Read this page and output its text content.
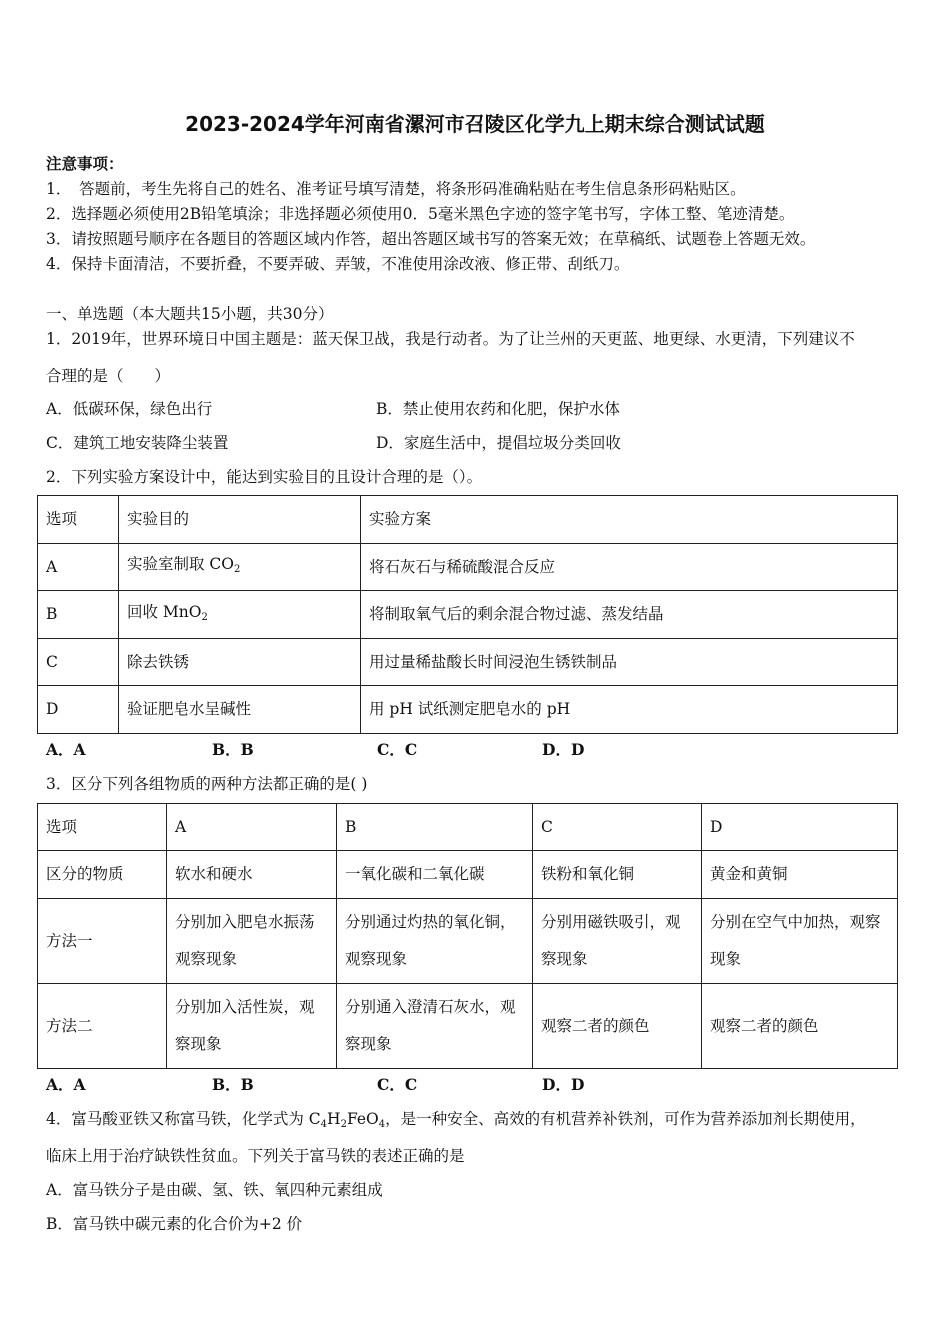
2023-2024学年河南省漯河市召陵区化学九上期末综合测试试题
注意事项：
1．　答题前，考生先将自己的姓名、准考证号填写清楚，将条形码准确粘贴在考生信息条形码粘贴区。
2．选择题必须使用2B铅笔填涂；非选择题必须使用0．5毫米黑色字迹的签字笔书写，字体工整、笔迹清楚。
3．请按照题号顺序在各题目的答题区域内作答，超出答题区域书写的答案无效；在草稿纸、试题卷上答题无效。
4．保持卡面清洁，不要折叠，不要弄破、弄皱，不准使用涂改液、修正带、刮纸刀。
一、单选题（本大题共15小题，共30分）
1．2019年，世界环境日中国主题是：蓝天保卫战，我是行动者。为了让兰州的天更蓝、地更绿、水更清，下列建议不
合理的是（　　）
A．低碳环保，绿色出行	B．禁止使用农药和化肥，保护水体
C．建筑工地安装降尘装置	D．家庭生活中，提倡垃圾分类回收
2．下列实验方案设计中，能达到实验目的且设计合理的是（）。
选项	实验目的	实验方案
A	实验室制取 $CO_2$	将石灰石与稀硫酸混合反应
B	回收 MnO$_2$	将制取氧气后的剩余混合物过滤、蒸发结晶
C	除去铁锈	用过量稀盐酸长时间浸泡生锈铁制品
D	验证肥皂水呈碱性	用 pH 试纸测定肥皂水的 pH
A．A	B．B	C．C	D．D
3．区分下列各组物质的两种方法都正确的是( )
选项	A	B	C	D
区分的物质	软水和硬水	一氧化碳和二氧化碳	铁粉和氧化铜	黄金和黄铜
方法一	分别加入肥皂水振荡观察现象	分别通过灼热的氧化铜，观察现象	分别用磁铁吸引，观察现象	分别在空气中加热，观察现象
方法二	分别加入活性炭，观察现象	分别通入澄清石灰水，观察现象	观察二者的颜色	观察二者的颜色
A．A	B．B	C．C	D．D
4．富马酸亚铁又称富马铁，化学式为 $C_4H_2FeO_4$，是一种安全、高效的有机营养补铁剂，可作为营养添加剂长期使用，
临床上用于治疗缺铁性贫血。下列关于富马铁的表述正确的是
A．富马铁分子是由碳、氢、铁、氧四种元素组成
B．富马铁中碳元素的化合价为+2 价
